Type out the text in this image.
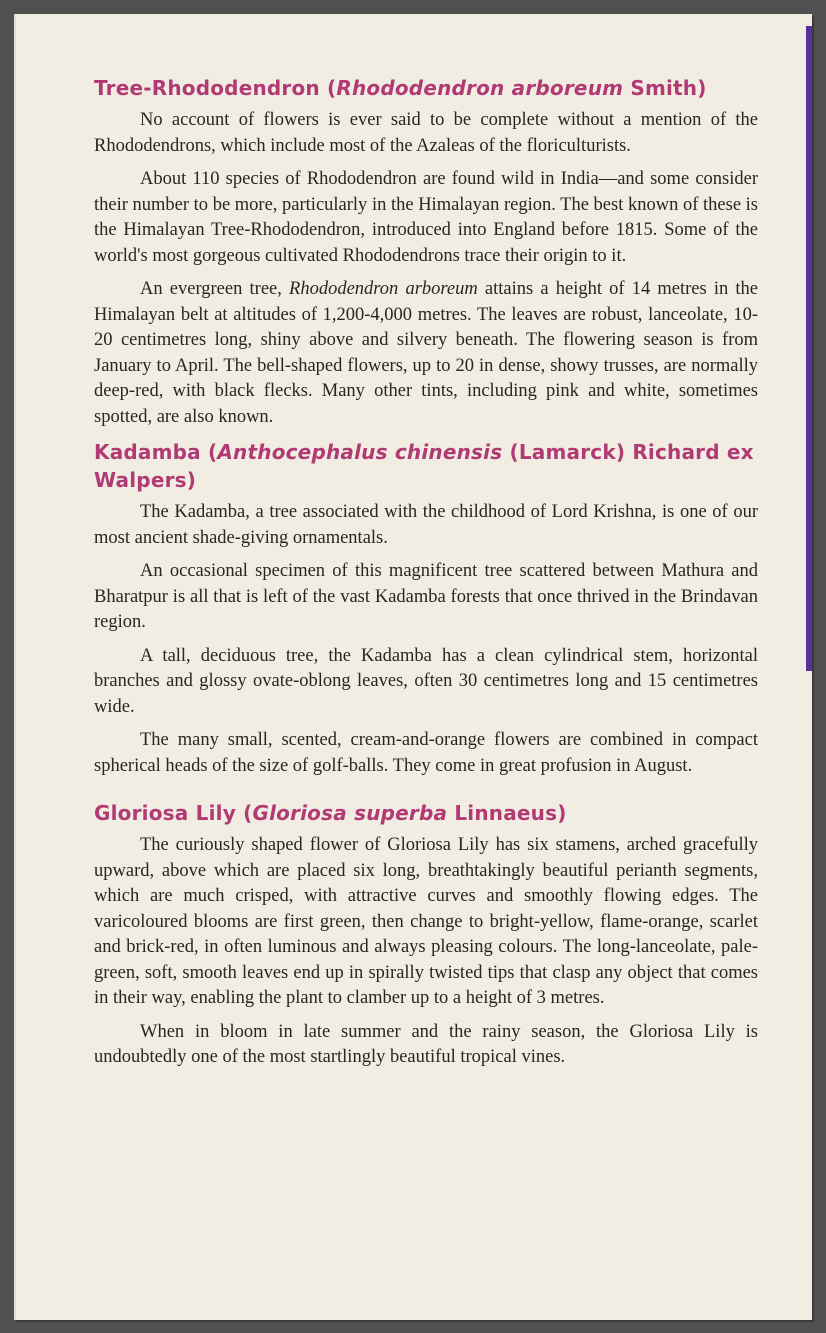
Tree-Rhododendron (Rhododendron arboreum Smith)

No account of flowers is ever said to be complete without a mention of the Rhododendrons, which include most of the Azaleas of the floriculturists.

About 110 species of Rhododendron are found wild in India—and some consider their number to be more, particularly in the Himalayan region. The best known of these is the Himalayan Tree-Rhododendron, introduced into England before 1815. Some of the world's most gorgeous cultivated Rhododendrons trace their origin to it.

An evergreen tree, Rhododendron arboreum attains a height of 14 metres in the Himalayan belt at altitudes of 1,200-4,000 metres. The leaves are robust, lanceolate, 10-20 centimetres long, shiny above and silvery beneath. The flowering season is from January to April. The bell-shaped flowers, up to 20 in dense, showy trusses, are normally deep-red, with black flecks. Many other tints, including pink and white, sometimes spotted, are also known.

Kadamba (Anthocephalus chinensis (Lamarck) Richard ex Walpers)

The Kadamba, a tree associated with the childhood of Lord Krishna, is one of our most ancient shade-giving ornamentals.

An occasional specimen of this magnificent tree scattered between Mathura and Bharatpur is all that is left of the vast Kadamba forests that once thrived in the Brindavan region.

A tall, deciduous tree, the Kadamba has a clean cylindrical stem, horizontal branches and glossy ovate-oblong leaves, often 30 centimetres long and 15 centimetres wide.

The many small, scented, cream-and-orange flowers are combined in compact spherical heads of the size of golf-balls. They come in great profusion in August.

Gloriosa Lily (Gloriosa superba Linnaeus)

The curiously shaped flower of Gloriosa Lily has six stamens, arched gracefully upward, above which are placed six long, breathtakingly beautiful perianth segments, which are much crisped, with attractive curves and smoothly flowing edges. The varicoloured blooms are first green, then change to bright-yellow, flame-orange, scarlet and brick-red, in often luminous and always pleasing colours. The long-lanceolate, pale-green, soft, smooth leaves end up in spirally twisted tips that clasp any object that comes in their way, enabling the plant to clamber up to a height of 3 metres.

When in bloom in late summer and the rainy season, the Gloriosa Lily is undoubtedly one of the most startlingly beautiful tropical vines.
